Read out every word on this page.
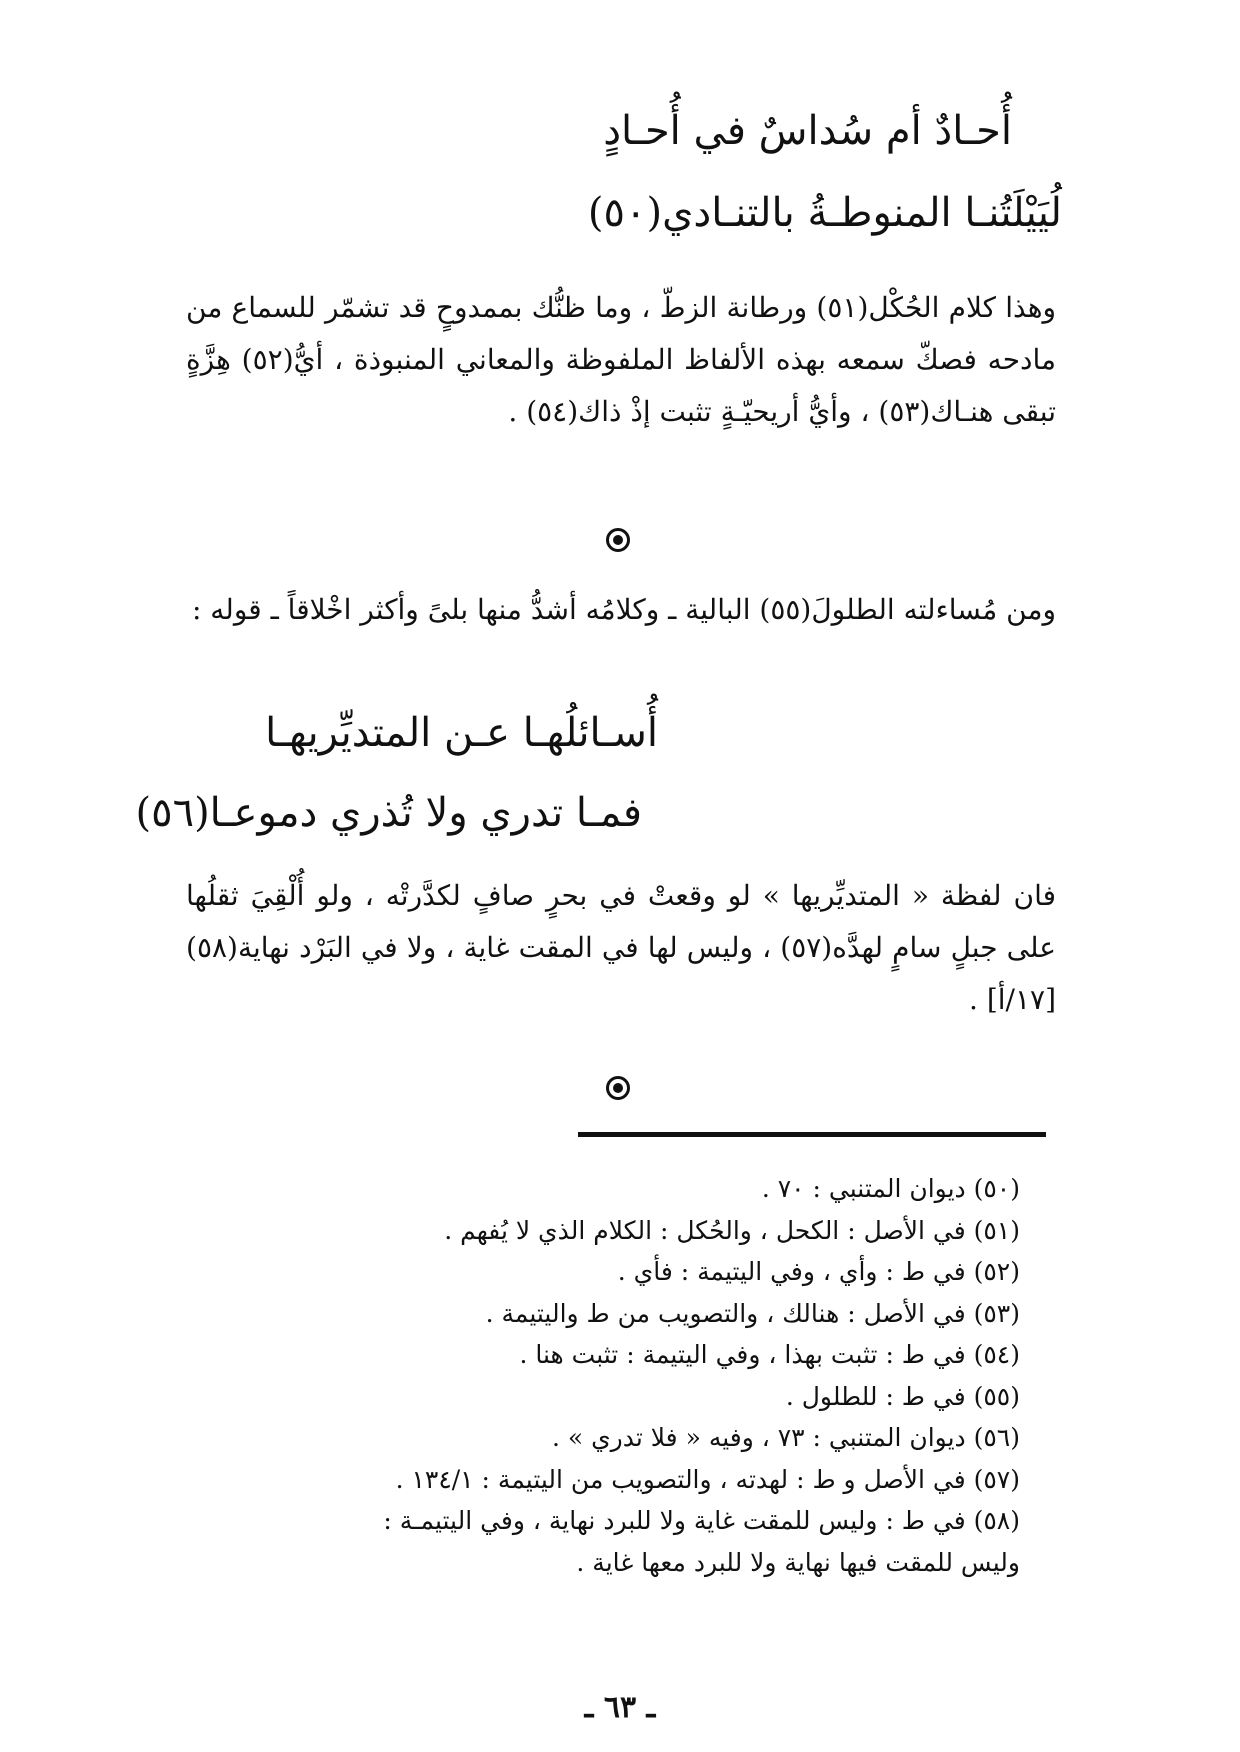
أُحـادٌ أم سُداسٌ في أُحـادٍ
لُيَيْلَتُنـا المنوطـةُ بالتنـادي(٥٠)
وهذا كلام الحُكْل(٥١) ورطانة الزطّ ، وما ظنُّك بممدوحٍ قد تشمّر للسماع من مادحه فصكّ سمعه بهذه الألفاظ الملفوظة والمعاني المنبوذة ، أيُّ(٥٢) هِزَّةٍ تبقى هنـاك(٥٣) ، وأيُّ أريحيّـةٍ تثبت إذْ ذاك(٥٤) .
ومن مُساءلته الطلولَ(٥٥) البالية ـ وكلامُه أشدُّ منها بلىً وأكثر اخْلاقاً ـ قوله :
أُسـائلُهـا عـن المتديِّريهـا
فمـا تدري ولا تُذري دموعـا(٥٦)
فان لفظة « المتديِّريها » لو وقعتْ في بحرٍ صافٍ لكدَّرتْه ، ولو أُلْقِيَ ثقلُها على جبلٍ سامٍ لهدَّه(٥٧) ، وليس لها في المقت غاية ، ولا في البَرْد نهاية(٥٨) [١٧/أ] .
(٥٠) ديوان المتنبي : ٧٠ .
(٥١) في الأصل : الكحل ، والحُكل : الكلام الذي لا يُفهم .
(٥٢) في ط : وأي ، وفي اليتيمة : فأي .
(٥٣) في الأصل : هنالك ، والتصويب من ط واليتيمة .
(٥٤) في ط : تثبت بهذا ، وفي اليتيمة : تثبت هنا .
(٥٥) في ط : للطلول .
(٥٦) ديوان المتنبي : ٧٣ ، وفيه « فلا تدري » .
(٥٧) في الأصل و ط : لهدته ، والتصويب من اليتيمة : ١٣٤/١ .
(٥٨) في ط : وليس للمقت غاية ولا للبرد نهاية ، وفي اليتيمـة :
وليس للمقت فيها نهاية ولا للبرد معها غاية .
ـ ٦٣ ـ
